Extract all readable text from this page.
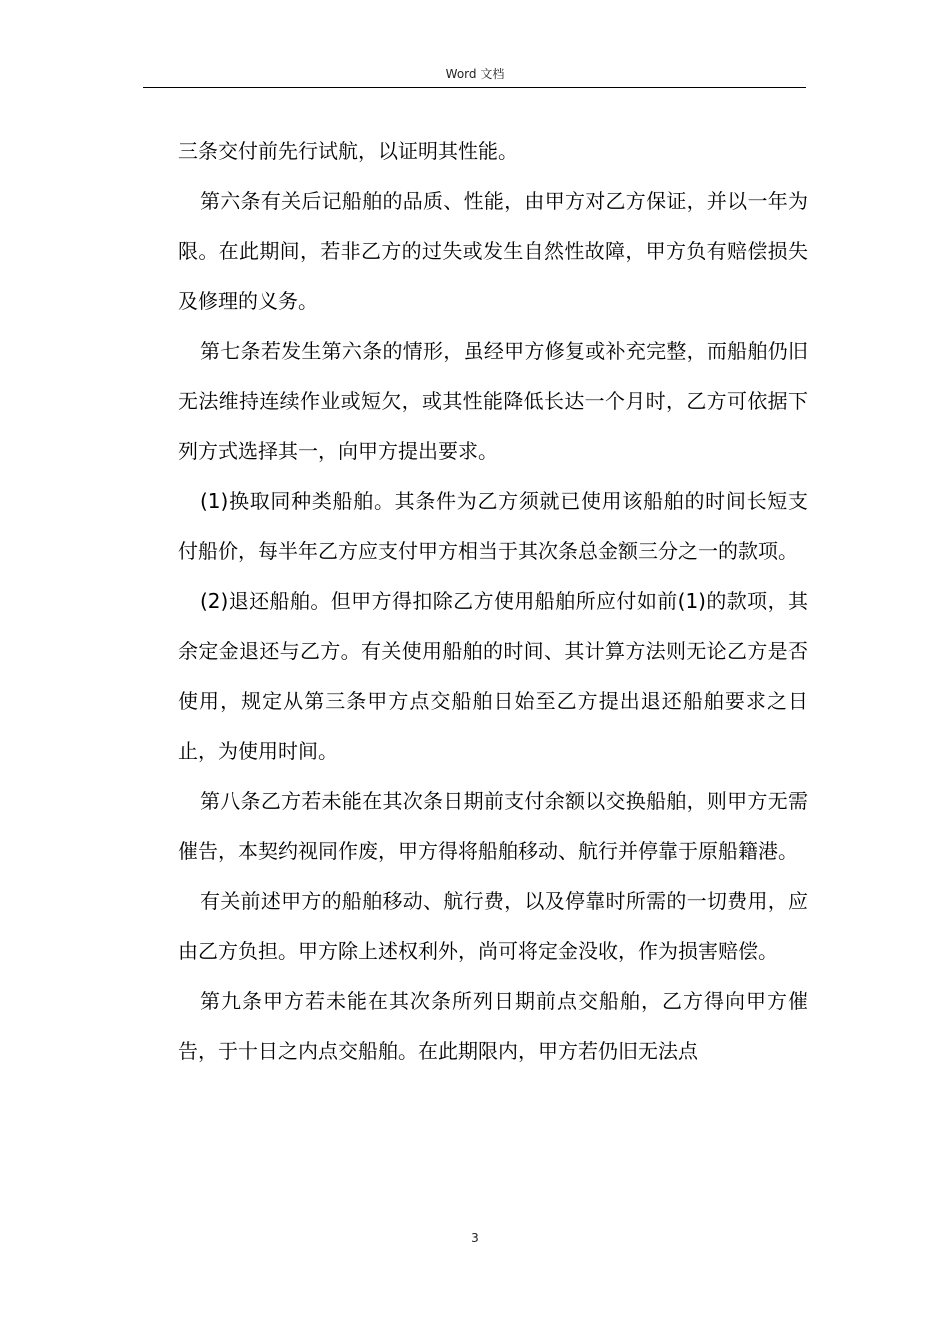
Word 文档

三条交付前先行试航，以证明其性能。

第六条有关后记船舶的品质、性能，由甲方对乙方保证，并以一年为限。在此期间，若非乙方的过失或发生自然性故障，甲方负有赔偿损失及修理的义务。

第七条若发生第六条的情形，虽经甲方修复或补充完整，而船舶仍旧无法维持连续作业或短欠，或其性能降低长达一个月时，乙方可依据下列方式选择其一，向甲方提出要求。

(1)换取同种类船舶。其条件为乙方须就已使用该船舶的时间长短支付船价，每半年乙方应支付甲方相当于其次条总金额三分之一的款项。

(2)退还船舶。但甲方得扣除乙方使用船舶所应付如前(1)的款项，其余定金退还与乙方。有关使用船舶的时间、其计算方法则无论乙方是否使用，规定从第三条甲方点交船舶日始至乙方提出退还船舶要求之日止，为使用时间。

第八条乙方若未能在其次条日期前支付余额以交换船舶，则甲方无需催告，本契约视同作废，甲方得将船舶移动、航行并停靠于原船籍港。

有关前述甲方的船舶移动、航行费，以及停靠时所需的一切费用，应由乙方负担。甲方除上述权利外，尚可将定金没收，作为损害赔偿。

第九条甲方若未能在其次条所列日期前点交船舶，乙方得向甲方催告，于十日之内点交船舶。在此期限内，甲方若仍旧无法点

3
